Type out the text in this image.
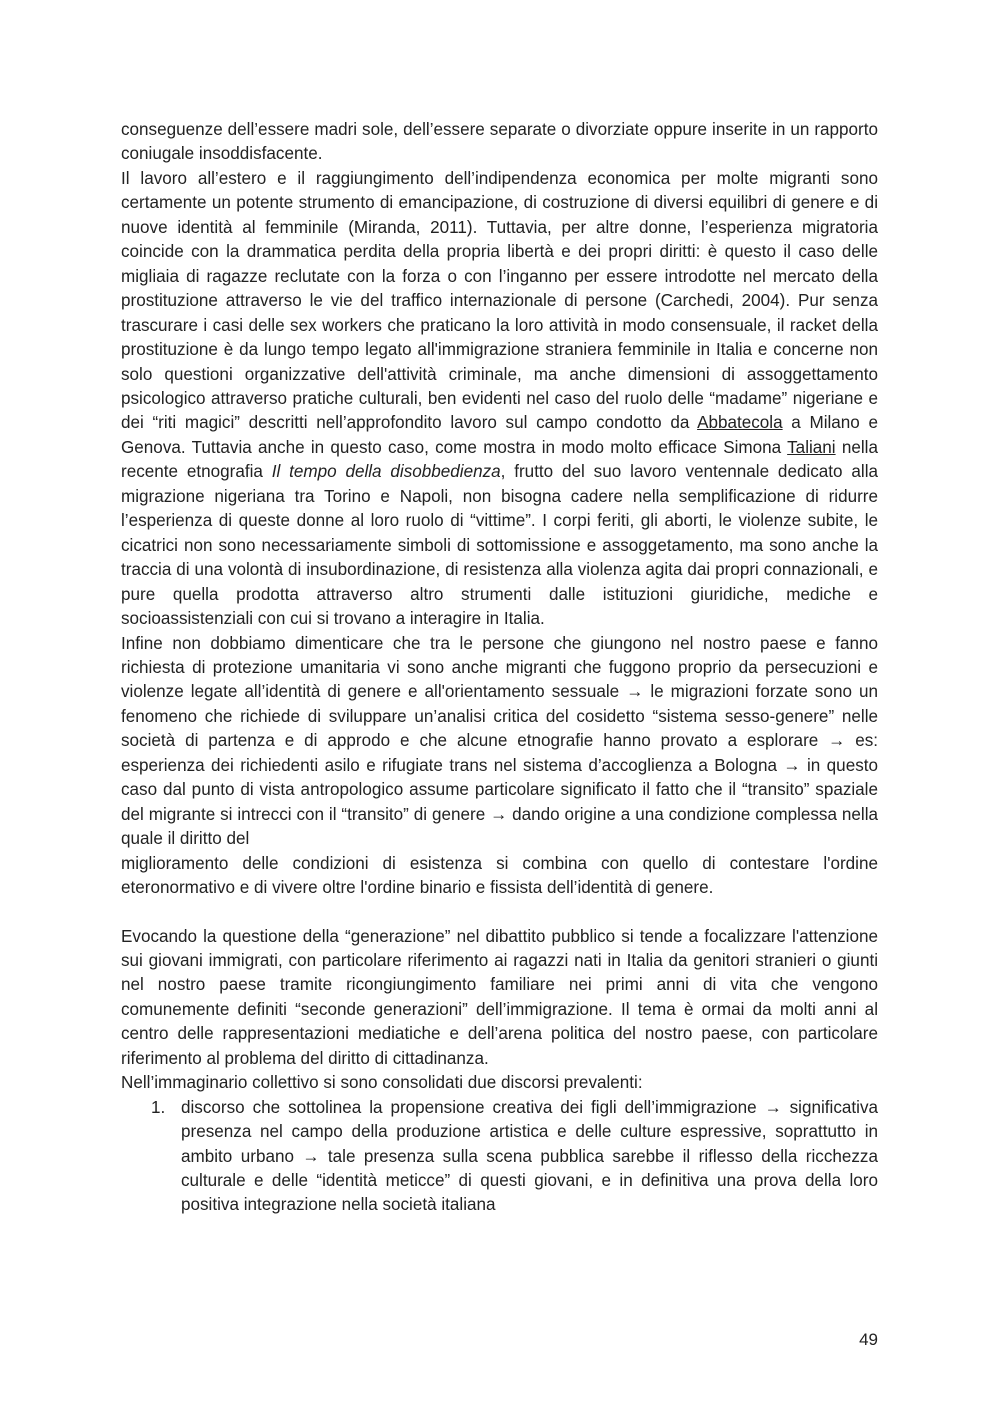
conseguenze dell’essere madri sole, dell’essere separate o divorziate oppure inserite in un rapporto coniugale insoddisfacente.

Il lavoro all’estero e il raggiungimento dell’indipendenza economica per molte migranti sono certamente un potente strumento di emancipazione, di costruzione di diversi equilibri di genere e di nuove identità al femminile (Miranda, 2011). Tuttavia, per altre donne, l’esperienza migratoria coincide con la drammatica perdita della propria libertà e dei propri diritti: è questo il caso delle migliaia di ragazze reclutate con la forza o con l’inganno per essere introdotte nel mercato della prostituzione attraverso le vie del traffico internazionale di persone (Carchedi, 2004). Pur senza trascurare i casi delle sex workers che praticano la loro attività in modo consensuale, il racket della prostituzione è da lungo tempo legato all'immigrazione straniera femminile in Italia e concerne non solo questioni organizzative dell'attività criminale, ma anche dimensioni di assoggettamento psicologico attraverso pratiche culturali, ben evidenti nel caso del ruolo delle “madame” nigeriane e dei “riti magici” descritti nell’approfondito lavoro sul campo condotto da Abbatecola a Milano e Genova. Tuttavia anche in questo caso, come mostra in modo molto efficace Simona Taliani nella recente etnografia Il tempo della disobbedienza, frutto del suo lavoro ventennale dedicato alla migrazione nigeriana tra Torino e Napoli, non bisogna cadere nella semplificazione di ridurre l’esperienza di queste donne al loro ruolo di “vittime”. I corpi feriti, gli aborti, le violenze subite, le cicatrici non sono necessariamente simboli di sottomissione e assoggetamento, ma sono anche la traccia di una volontà di insubordinazione, di resistenza alla violenza agita dai propri connazionali, e pure quella prodotta attraverso altro strumenti dalle istituzioni giuridiche, mediche e socioassistenziali con cui si trovano a interagire in Italia.

Infine non dobbiamo dimenticare che tra le persone che giungono nel nostro paese e fanno richiesta di protezione umanitaria vi sono anche migranti che fuggono proprio da persecuzioni e violenze legate all’identità di genere e all'orientamento sessuale → le migrazioni forzate sono un fenomeno che richiede di sviluppare un’analisi critica del cosidetto “sistema sesso-genere” nelle società di partenza e di approdo e che alcune etnografie hanno provato a esplorare → es: esperienza dei richiedenti asilo e rifugiate trans nel sistema d’accoglienza a Bologna → in questo caso dal punto di vista antropologico assume particolare significato il fatto che il “transito” spaziale del migrante si intrecci con il “transito” di genere → dando origine a una condizione complessa nella quale il diritto del

miglioramento delle condizioni di esistenza si combina con quello di contestare l'ordine eteronormativo e di vivere oltre l'ordine binario e fissista dell’identità di genere.

Evocando la questione della “generazione” nel dibattito pubblico si tende a focalizzare l'attenzione sui giovani immigrati, con particolare riferimento ai ragazzi nati in Italia da genitori stranieri o giunti nel nostro paese tramite ricongiungimento familiare nei primi anni di vita che vengono comunemente definiti “seconde generazioni” dell’immigrazione. Il tema è ormai da molti anni al centro delle rappresentazioni mediatiche e dell’arena politica del nostro paese, con particolare riferimento al problema del diritto di cittadinanza.

Nell’immaginario collettivo si sono consolidati due discorsi prevalenti:

1. discorso che sottolinea la propensione creativa dei figli dell’immigrazione → significativa presenza nel campo della produzione artistica e delle culture espressive, soprattutto in ambito urbano → tale presenza sulla scena pubblica sarebbe il riflesso della ricchezza culturale e delle “identità meticce” di questi giovani, e in definitiva una prova della loro positiva integrazione nella società italiana
49
